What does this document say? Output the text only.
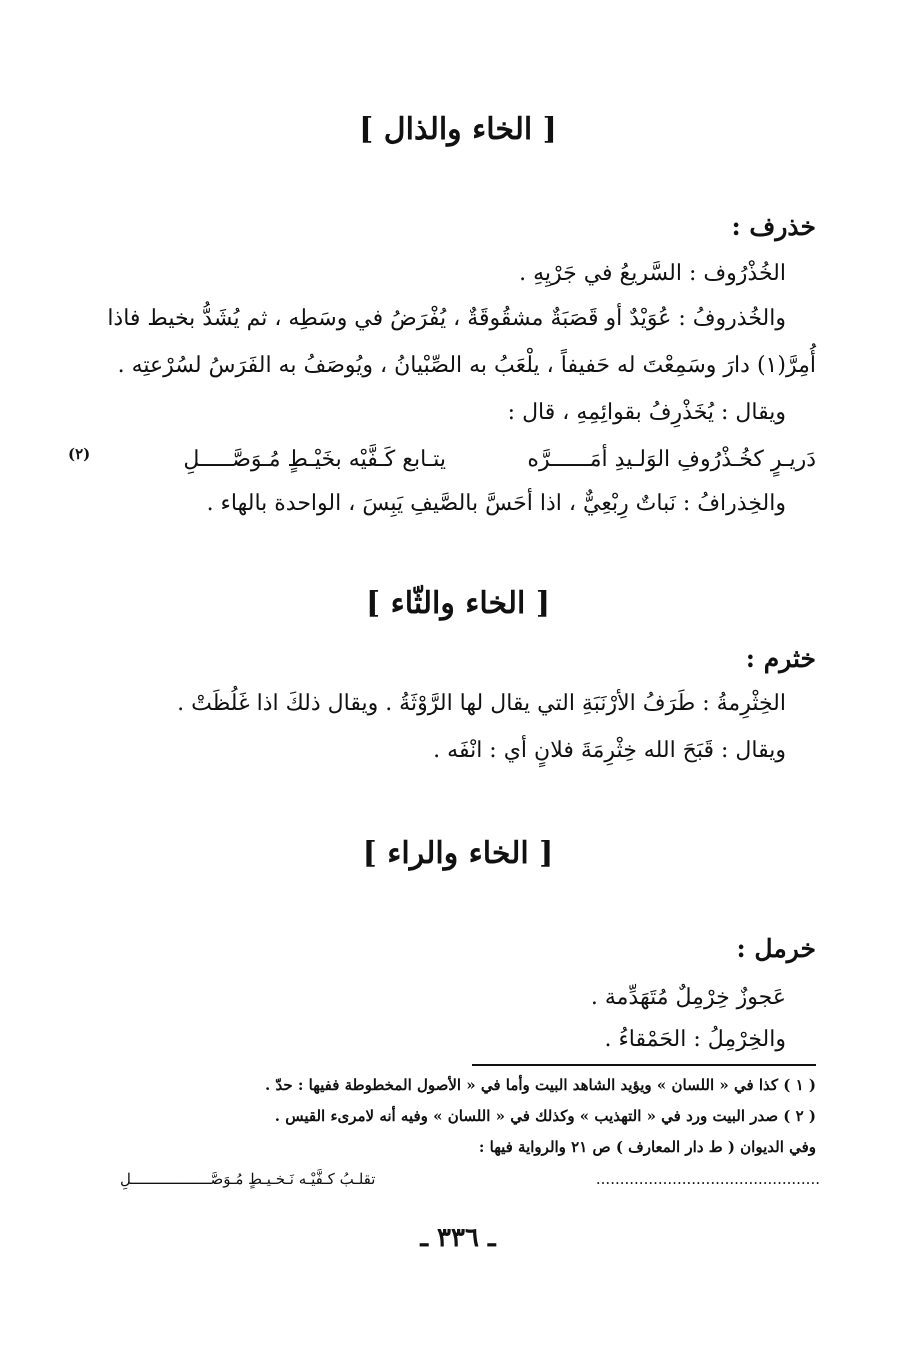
[ الخاء والذال ]
خذرف :
الخُذْرُوف : السَّريعُ في جَرْيِهِ .
والخُذروفُ : عُوَيْدٌ أو قَصَبَةٌ مشقُوقَةٌ ، يُفْرَضُ في وسَطِه ، ثم يُشَدُّ بخيط فاذا
أُمِرَّ(١) دارَ وسَمِعْتَ له حَفيفاً ، يلْعَبُ به الصِّبْيانُ ، ويُوصَفُ به الفَرَسُ لسُرْعتِه .
ويقال : يُخَذْرِفُ بقوائِمِهِ ، قال :
دَريـرٍ كخُـذْرُوفِ الوَلـيدِ أمَــــــرَّه
يتـابع كَـفَّيْه بخَيْـطٍ مُـوَصَّـــــلِ
(٢)
والخِذرافُ : نَباتٌ رِبْعِيٌّ ، اذا أحَسَّ بالصَّيفِ يَبِسَ ، الواحدة بالهاء .
[ الخاء والثّاء ]
خثرم :
الخِثْرِمةُ : طَرَفُ الأرْنَبَةِ التي يقال لها الرَّوْثَةُ . ويقال ذلكَ اذا غَلُظَتْ .
ويقال : قَبَحَ الله خِثْرِمَةَ فلانٍ أي : انْفَه .
[ الخاء والراء ]
خرمل :
عَجوزٌ خِرْمِلٌ مُتَهَدِّمة .
والخِرْمِلُ : الحَمْقاءُ .
( ١ ) كذا في « اللسان » ويؤيد الشاهد البيت وأما في « الأصول المخطوطة ففيها : حدّ .
( ٢ ) صدر البيت ورد في « التهذيب » وكذلك في « اللسان » وفيه أنه لامرىء القيس .
وفي الديوان ( ط دار المعارف ) ص ٢١ والرواية فيها :
...............................................
تقلـبُ كـفَّيْـه نَـخـيـطٍ مُـوَصَّــــــــــــــــــلِ
ـ ٣٣٦ ـ
